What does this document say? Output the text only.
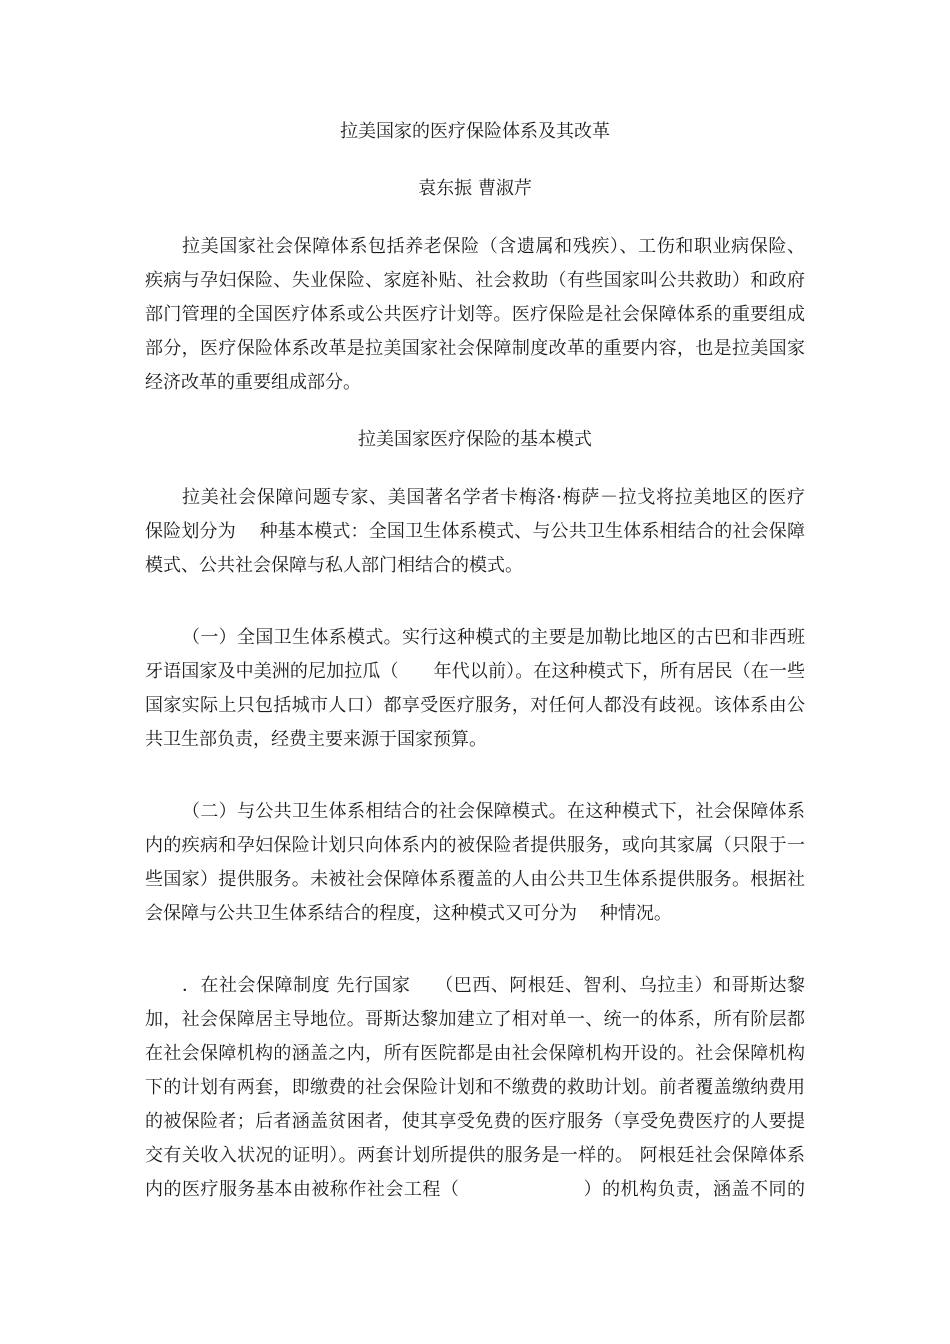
拉美国家的医疗保险体系及其改革
袁东振 曹淑芹
拉美国家社会保障体系包括养老保险（含遗属和残疾）、工伤和职业病保险、
疾病与孕妇保险、失业保险、家庭补贴、社会救助（有些国家叫公共救助）和政府
部门管理的全国医疗体系或公共医疗计划等。医疗保险是社会保障体系的重要组成
部分，医疗保险体系改革是拉美国家社会保障制度改革的重要内容，也是拉美国家
经济改革的重要组成部分。
拉美国家医疗保险的基本模式
拉美社会保障问题专家、美国著名学者卡梅洛·梅萨－拉戈将拉美地区的医疗
保险划分为    种基本模式：全国卫生体系模式、与公共卫生体系相结合的社会保障
模式、公共社会保障与私人部门相结合的模式。
（一）全国卫生体系模式。实行这种模式的主要是加勒比地区的古巴和非西班
牙语国家及中美洲的尼加拉瓜（      年代以前）。在这种模式下，所有居民（在一些
国家实际上只包括城市人口）都享受医疗服务，对任何人都没有歧视。该体系由公
共卫生部负责，经费主要来源于国家预算。
（二）与公共卫生体系相结合的社会保障模式。在这种模式下，社会保障体系
内的疾病和孕妇保险计划只向体系内的被保险者提供服务，或向其家属（只限于一
些国家）提供服务。未被社会保障体系覆盖的人由公共卫生体系提供服务。根据社
会保障与公共卫生体系结合的程度，这种模式又可分为    种情况。
．在社会保障制度 先行国家    （巴西、阿根廷、智利、乌拉圭）和哥斯达黎
加，社会保障居主导地位。哥斯达黎加建立了相对单一、统一的体系，所有阶层都
在社会保障机构的涵盖之内，所有医院都是由社会保障机构开设的。社会保障机构
下的计划有两套，即缴费的社会保险计划和不缴费的救助计划。前者覆盖缴纳费用
的被保险者；后者涵盖贫困者，使其享受免费的医疗服务（享受免费医疗的人要提
交有关收入状况的证明）。两套计划所提供的服务是一样的。 阿根廷社会保障体系
内的医疗服务基本由被称作社会工程（                    ）的机构负责，涵盖不同的
